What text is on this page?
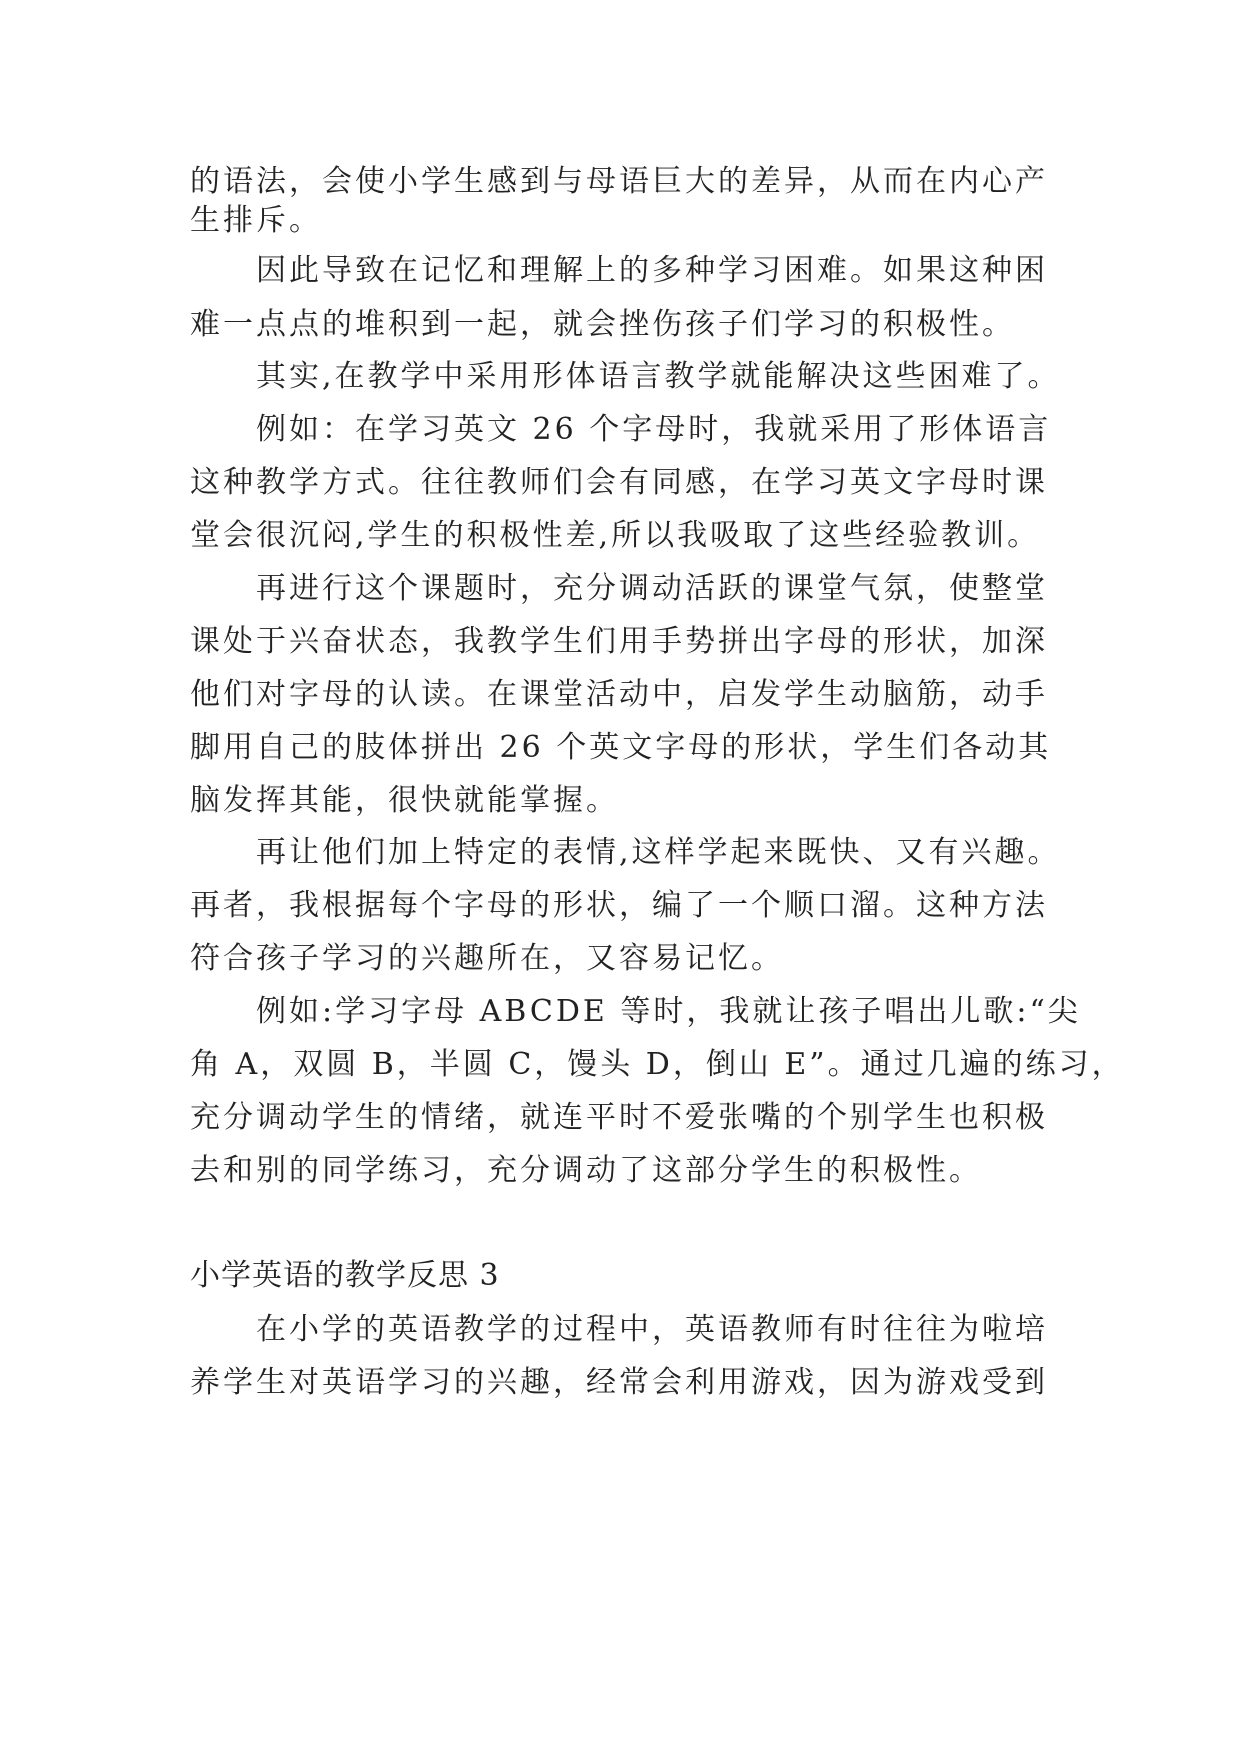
的语法，会使小学生感到与母语巨大的差异，从而在内心产
生排斥。
因此导致在记忆和理解上的多种学习困难。如果这种困
难一点点的堆积到一起，就会挫伤孩子们学习的积极性。
其实,在教学中采用形体语言教学就能解决这些困难了。
例如：在学习英文 26 个字母时，我就采用了形体语言
这种教学方式。往往教师们会有同感，在学习英文字母时课
堂会很沉闷,学生的积极性差,所以我吸取了这些经验教训。
再进行这个课题时，充分调动活跃的课堂气氛，使整堂
课处于兴奋状态，我教学生们用手势拼出字母的形状，加深
他们对字母的认读。在课堂活动中，启发学生动脑筋，动手
脚用自己的肢体拼出 26 个英文字母的形状，学生们各动其
脑发挥其能，很快就能掌握。
再让他们加上特定的表情,这样学起来既快、又有兴趣。
再者，我根据每个字母的形状，编了一个顺口溜。这种方法
符合孩子学习的兴趣所在，又容易记忆。
例如:学习字母 ABCDE 等时，我就让孩子唱出儿歌:“尖
角 A，双圆 B，半圆 C，馒头 D，倒山 E”。通过几遍的练习，
充分调动学生的情绪，就连平时不爱张嘴的个别学生也积极
去和别的同学练习，充分调动了这部分学生的积极性。
小学英语的教学反思 3
在小学的英语教学的过程中，英语教师有时往往为啦培
养学生对英语学习的兴趣，经常会利用游戏，因为游戏受到
